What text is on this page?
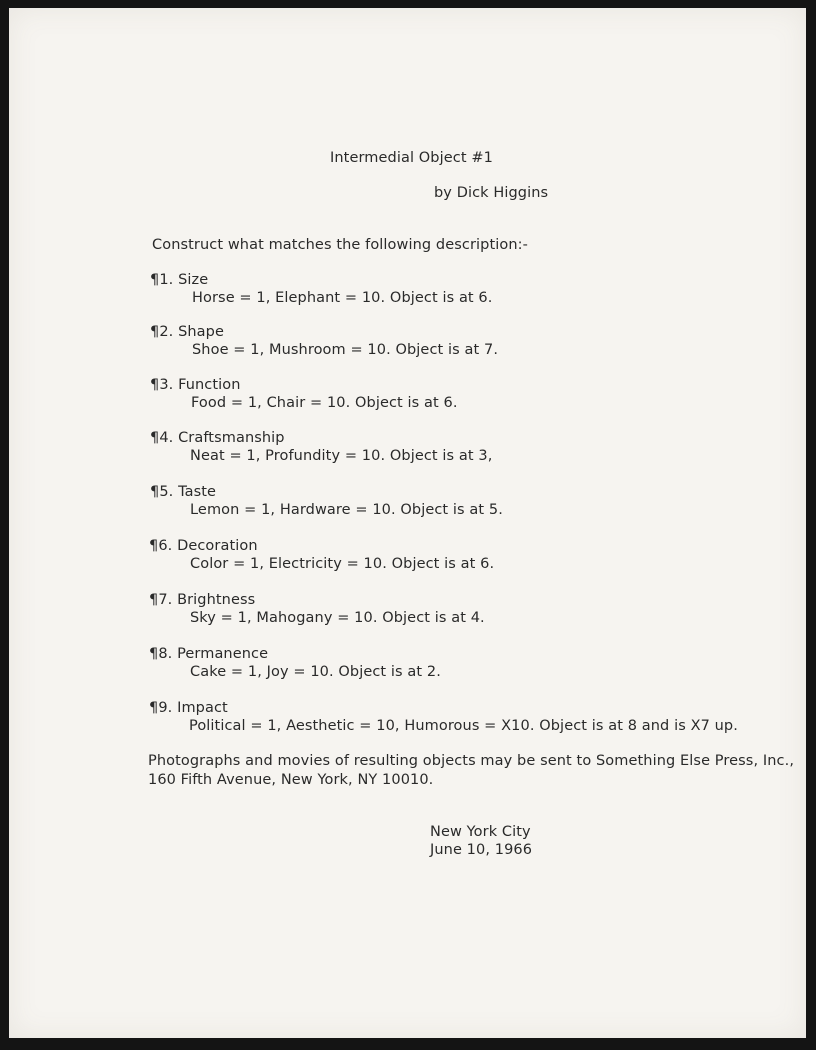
Intermedial Object #1
by Dick Higgins
Construct what matches the following description:-
¶1. Size
Horse = 1, Elephant = 10. Object is at 6.
¶2. Shape
Shoe = 1, Mushroom = 10. Object is at 7.
¶3. Function
Food = 1, Chair = 10. Object is at 6.
¶4. Craftsmanship
Neat = 1, Profundity = 10. Object is at 3,
¶5. Taste
Lemon = 1, Hardware = 10. Object is at 5.
¶6. Decoration
Color = 1, Electricity = 10. Object is at 6.
¶7. Brightness
Sky = 1, Mahogany = 10. Object is at 4.
¶8. Permanence
Cake = 1, Joy = 10. Object is at 2.
¶9. Impact
Political = 1, Aesthetic = 10, Humorous = X10. Object is at 8 and is X7 up.
Photographs and movies of resulting objects may be sent to Something Else Press, Inc.,
160 Fifth Avenue, New York, NY 10010.
New York City
June 10, 1966
